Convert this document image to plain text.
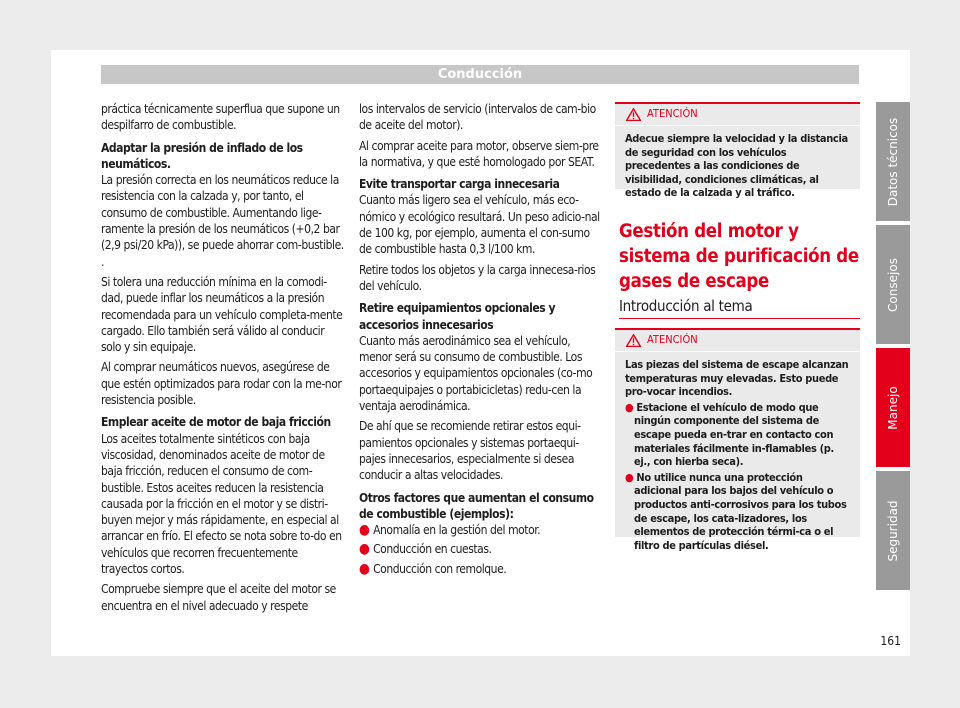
Conducción

práctica técnicamente superflua que supone un despilfarro de combustible.

Adaptar la presión de inflado de los neumáticos.

La presión correcta en los neumáticos reduce la resistencia con la calzada y, por tanto, el consumo de combustible. Aumentando lige-ramente la presión de los neumáticos (+0,2 bar (2,9 psi/20 kPa)), se puede ahorrar com-bustible. .

Si tolera una reducción mínima en la comodi-dad, puede inflar los neumáticos a la presión recomendada para un vehículo completa-mente cargado. Ello también será válido al conducir solo y sin equipaje.

Al comprar neumáticos nuevos, asegúrese de que estén optimizados para rodar con la me-nor resistencia posible.

Emplear aceite de motor de baja fricción

Los aceites totalmente sintéticos con baja viscosidad, denominados aceite de motor de baja fricción, reducen el consumo de com-bustible. Estos aceites reducen la resistencia causada por la fricción en el motor y se distri-buyen mejor y más rápidamente, en especial al arrancar en frío. El efecto se nota sobre to-do en vehículos que recorren frecuentemente trayectos cortos.

Compruebe siempre que el aceite del motor se encuentra en el nivel adecuado y respete

los intervalos de servicio (intervalos de cam-bio de aceite del motor).

Al comprar aceite para motor, observe siem-pre la normativa, y que esté homologado por SEAT.

Evite transportar carga innecesaria

Cuanto más ligero sea el vehículo, más eco-nómico y ecológico resultará. Un peso adicio-nal de 100 kg, por ejemplo, aumenta el con-sumo de combustible hasta 0,3 l/100 km.

Retire todos los objetos y la carga innecesa-rios del vehículo.

Retire equipamientos opcionales y accesorios innecesarios

Cuanto más aerodinámico sea el vehículo, menor será su consumo de combustible. Los accesorios y equipamientos opcionales (co-mo portaequipajes o portabicicletas) redu-cen la ventaja aerodinámica.

De ahí que se recomiende retirar estos equi-pamientos opcionales y sistemas portaequi-pajes innecesarios, especialmente si desea conducir a altas velocidades.

Otros factores que aumentan el consumo de combustible (ejemplos):

● Anomalía en la gestión del motor.

● Conducción en cuestas.

● Conducción con remolque.

ATENCIÓN

Adecue siempre la velocidad y la distancia de seguridad con los vehículos precedentes a las condiciones de visibilidad, condiciones climáticas, al estado de la calzada y al tráfico.

Gestión del motor y sistema de purificación de gases de escape
Introducción al tema
ATENCIÓN

Las piezas del sistema de escape alcanzan temperaturas muy elevadas. Esto puede pro-vocar incendios.

● Estacione el vehículo de modo que ningún componente del sistema de escape pueda en-trar en contacto con materiales fácilmente in-flamables (p. ej., con hierba seca).

● No utilice nunca una protección adicional para los bajos del vehículo o productos anti-corrosivos para los tubos de escape, los cata-lizadores, los elementos de protección térmi-ca o el filtro de partículas diésel.

Datos técnicos
Consejos
Manejo
Seguridad
161
